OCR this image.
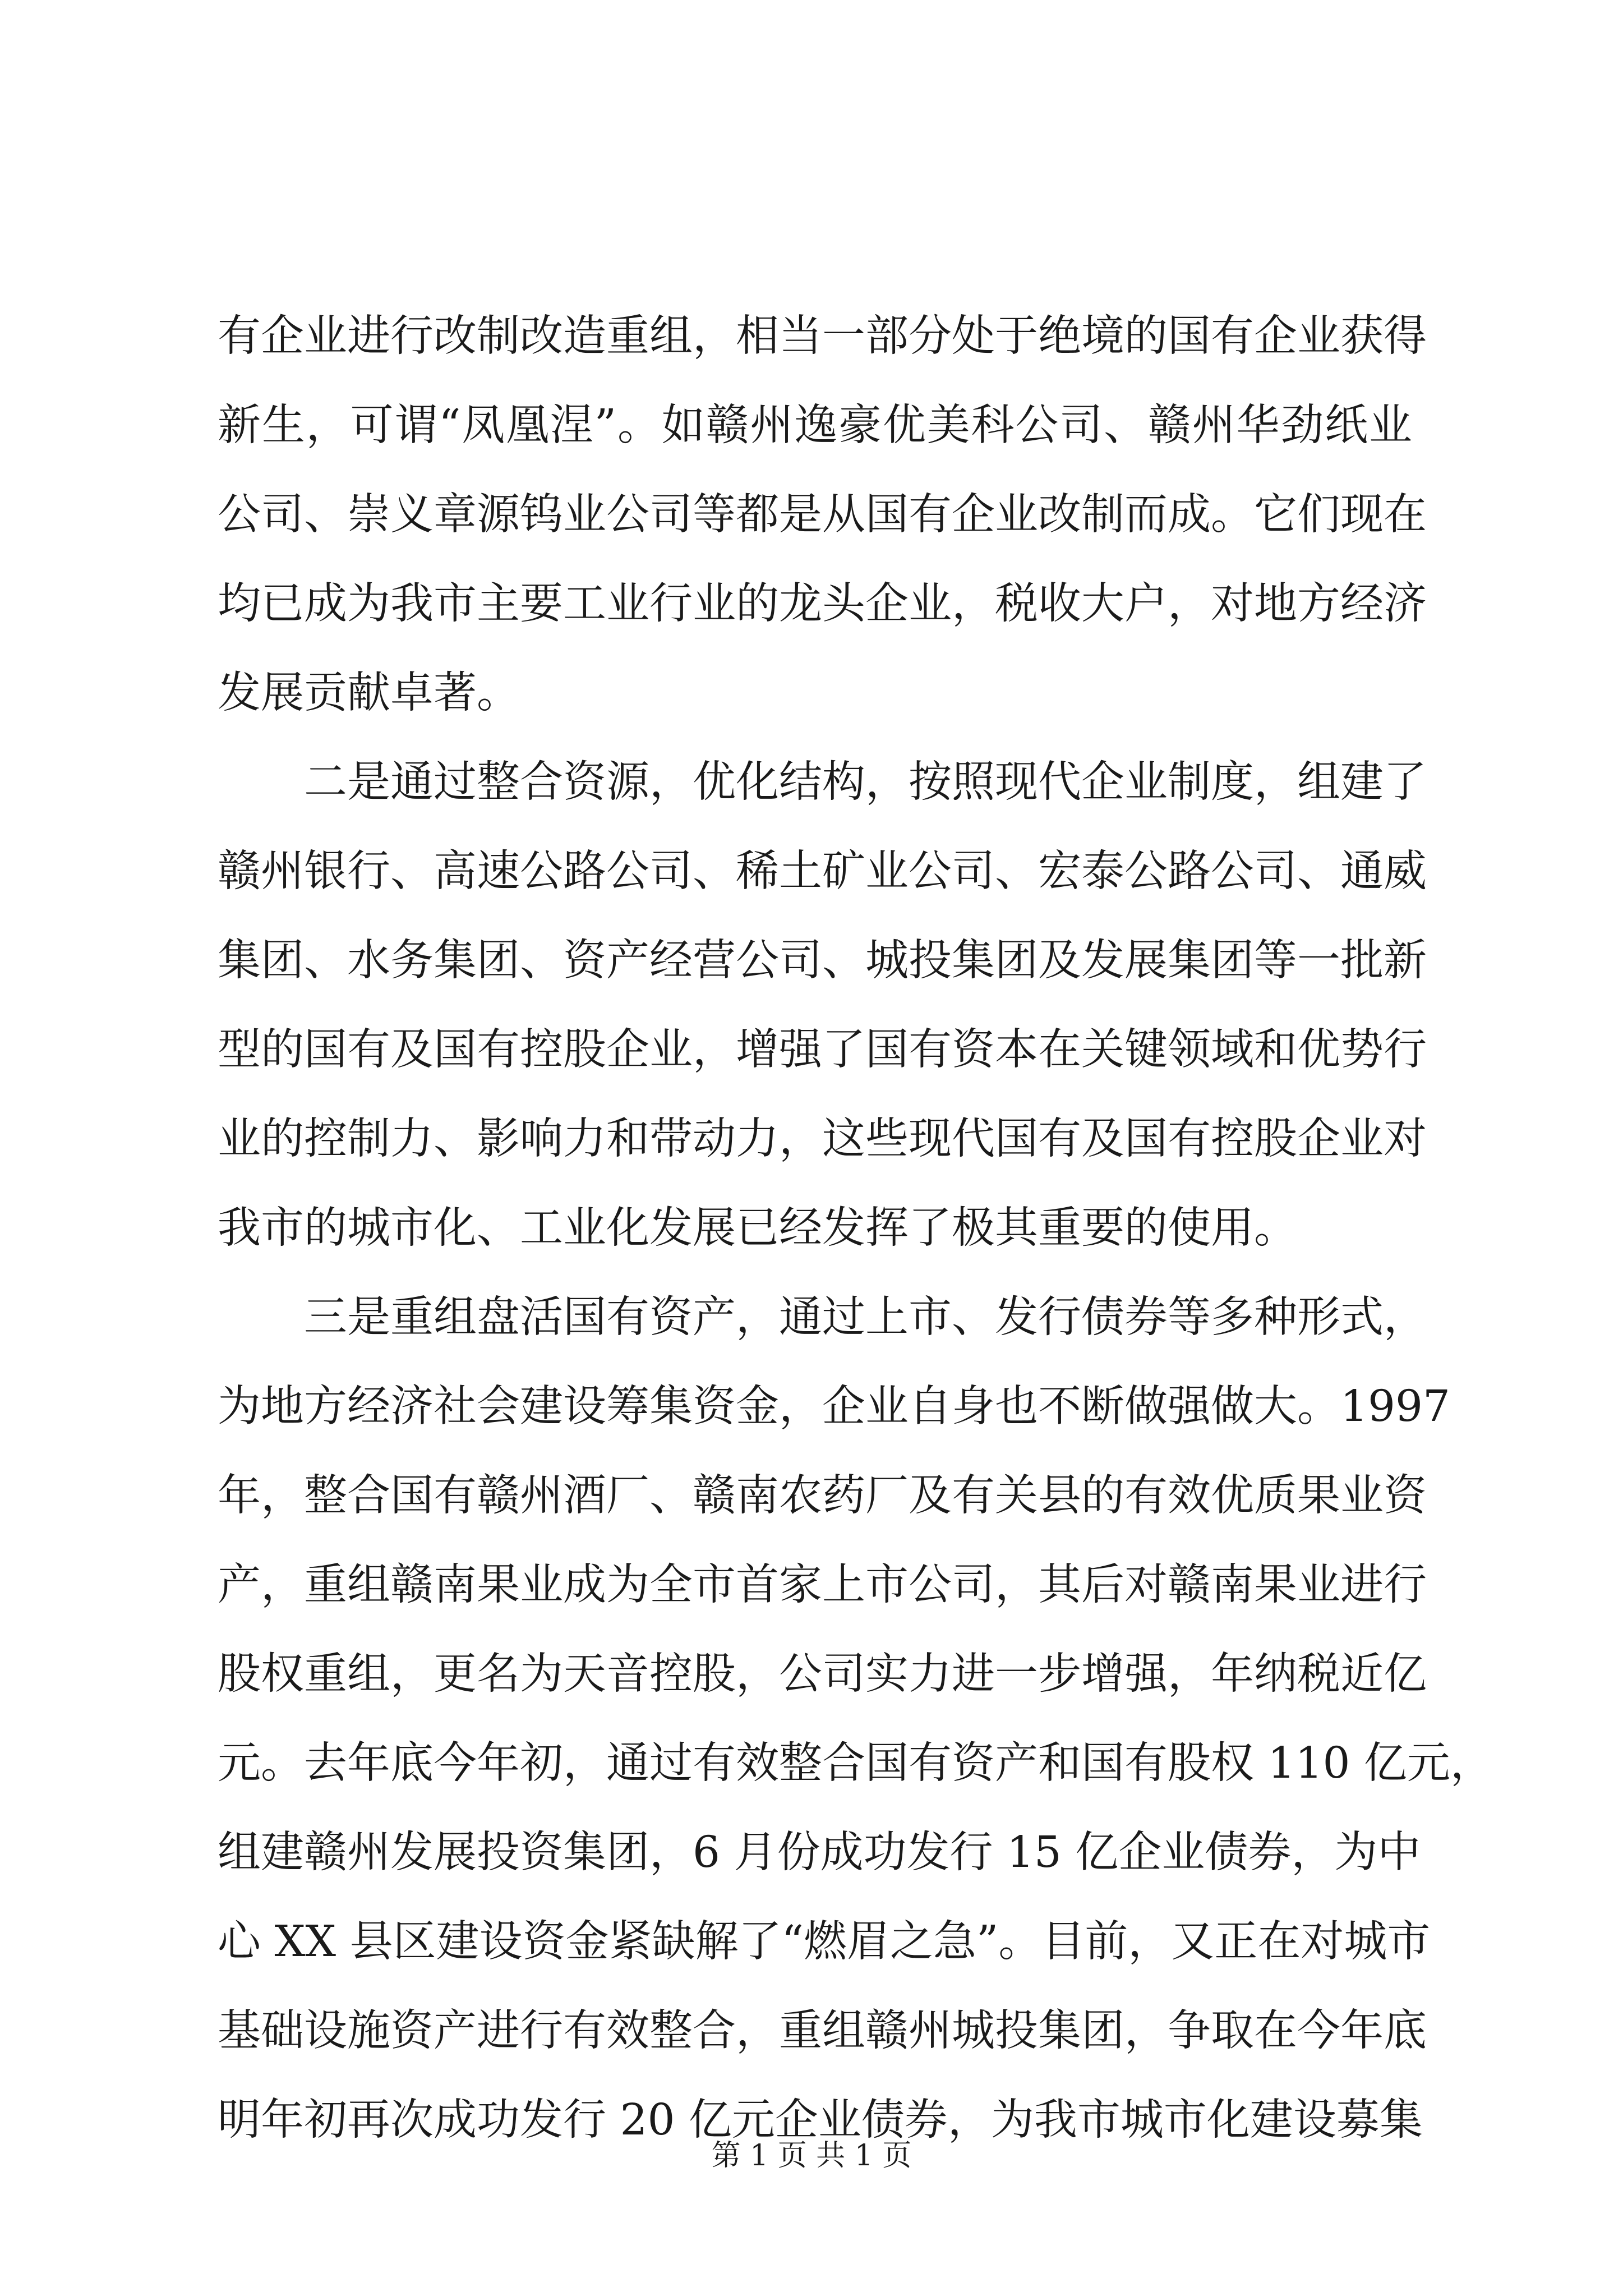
有企业进行改制改造重组，相当一部分处于绝境的国有企业获得
新生，可谓“凤凰涅”。如赣州逸豪优美科公司、赣州华劲纸业
公司、崇义章源钨业公司等都是从国有企业改制而成。它们现在
均已成为我市主要工业行业的龙头企业，税收大户，对地方经济
发展贡献卓著。
　　二是通过整合资源，优化结构，按照现代企业制度，组建了
赣州银行、高速公路公司、稀土矿业公司、宏泰公路公司、通威
集团、水务集团、资产经营公司、城投集团及发展集团等一批新
型的国有及国有控股企业，增强了国有资本在关键领域和优势行
业的控制力、影响力和带动力，这些现代国有及国有控股企业对
我市的城市化、工业化发展已经发挥了极其重要的使用。
　　三是重组盘活国有资产，通过上市、发行债券等多种形式，
为地方经济社会建设筹集资金，企业自身也不断做强做大。1997
年，整合国有赣州酒厂、赣南农药厂及有关县的有效优质果业资
产，重组赣南果业成为全市首家上市公司，其后对赣南果业进行
股权重组，更名为天音控股，公司实力进一步增强，年纳税近亿
元。去年底今年初，通过有效整合国有资产和国有股权 110 亿元，
组建赣州发展投资集团，6 月份成功发行 15 亿企业债券，为中
心 XX 县区建设资金紧缺解了“燃眉之急”。目前，又正在对城市
基础设施资产进行有效整合，重组赣州城投集团，争取在今年底
明年初再次成功发行 20 亿元企业债券，为我市城市化建设募集
第 1 页 共 1 页
